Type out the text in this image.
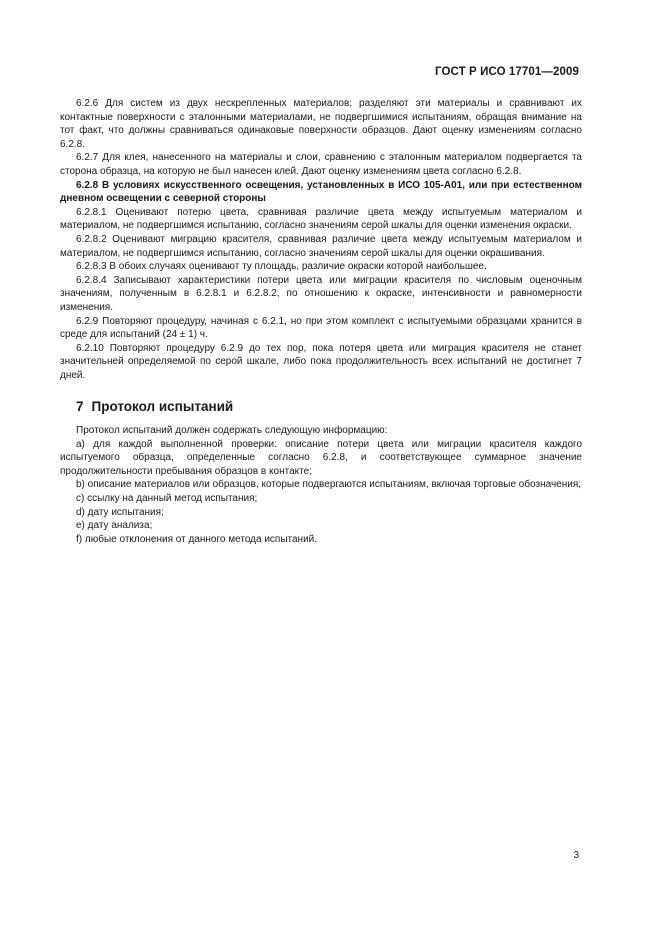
ГОСТ Р ИСО 17701—2009

6.2.6 Для систем из двух нескрепленных материалов: разделяют эти материалы и сравнивают их контактные поверхности с эталонными материалами, не подвергшимися испытаниям, обращая внимание на тот факт, что должны сравниваться одинаковые поверхности образцов. Дают оценку изменениям согласно 6.2.8.

6.2.7 Для клея, нанесенного на материалы и слои, сравнению с эталонным материалом подвергается та сторона образца, на которую не был нанесен клей. Дают оценку изменениям цвета согласно 6.2.8.

6.2.8 В условиях искусственного освещения, установленных в ИСО 105-А01, или при естественном дневном освещении с северной стороны

6.2.8.1 Оценивают потерю цвета, сравнивая различие цвета между испытуемым материалом и материалом, не подвергшимся испытанию, согласно значениям серой шкалы для оценки изменения окраски.

6.2.8.2 Оценивают миграцию красителя, сравнивая различие цвета между испытуемым материалом и материалом, не подвергшимся испытанию, согласно значениям серой шкалы для оценки окрашивания.

6.2.8.3 В обоих случаях оценивают ту площадь, различие окраски которой наибольшее.

6.2.8.4 Записывают характеристики потери цвета или миграции красителя по числовым оценочным значениям, полученным в 6.2.8.1 и 6.2.8.2, по отношению к окраске, интенсивности и равномерности изменения.

6.2.9 Повторяют процедуру, начиная с 6.2.1, но при этом комплект с испытуемыми образцами хранится в среде для испытаний (24 ± 1) ч.

6.2.10 Повторяют процедуру 6.2.9 до тех пор, пока потеря цвета или миграция красителя не станет значительней определяемой по серой шкале, либо пока продолжительность всех испытаний не достигнет 7 дней.

7 Протокол испытаний

Протокол испытаний должен содержать следующую информацию:

а) для каждой выполненной проверки: описание потери цвета или миграции красителя каждого испытуемого образца, определенные согласно 6.2.8, и соответствующее суммарное значение продолжительности пребывания образцов в контакте;

b) описание материалов или образцов, которые подвергаются испытаниям, включая торговые обозначения;

с) ссылку на данный метод испытания;

d) дату испытания;

е) дату анализа;

f) любые отклонения от данного метода испытаний.

3
